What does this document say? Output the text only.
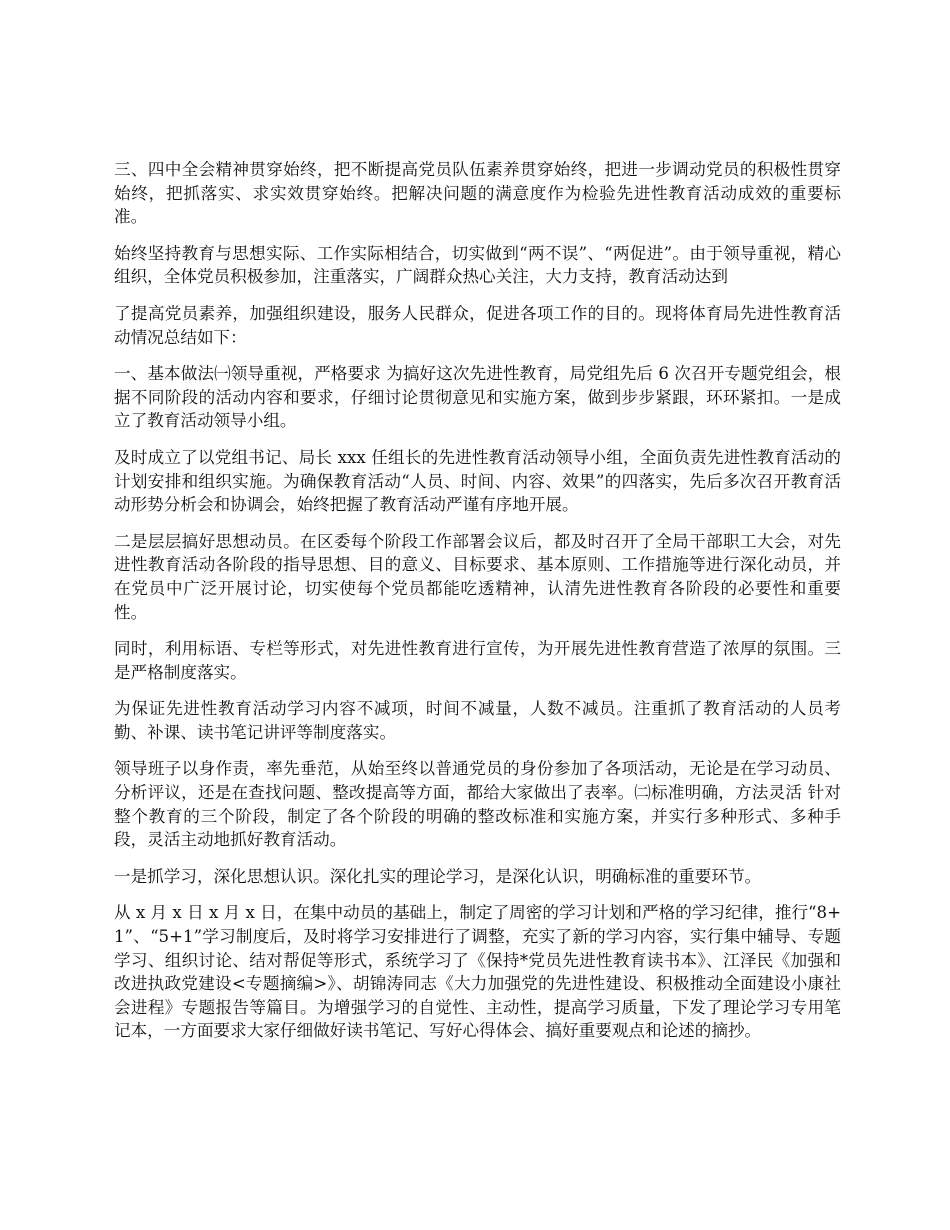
三、四中全会精神贯穿始终，把不断提高党员队伍素养贯穿始终，把进一步调动党员的积极性贯穿始终，把抓落实、求实效贯穿始终。把解决问题的满意度作为检验先进性教育活动成效的重要标准。

始终坚持教育与思想实际、工作实际相结合，切实做到“两不误”、“两促进”。由于领导重视，精心组织，全体党员积极参加，注重落实，广阔群众热心关注，大力支持，教育活动达到

了提高党员素养，加强组织建设，服务人民群众，促进各项工作的目的。现将体育局先进性教育活动情况总结如下：

一、基本做法㈠领导重视，严格要求 为搞好这次先进性教育，局党组先后 6 次召开专题党组会，根据不同阶段的活动内容和要求，仔细讨论贯彻意见和实施方案，做到步步紧跟，环环紧扣。一是成立了教育活动领导小组。

及时成立了以党组书记、局长 xxx 任组长的先进性教育活动领导小组，全面负责先进性教育活动的计划安排和组织实施。为确保教育活动“人员、时间、内容、效果”的四落实，先后多次召开教育活动形势分析会和协调会，始终把握了教育活动严谨有序地开展。

二是层层搞好思想动员。在区委每个阶段工作部署会议后，都及时召开了全局干部职工大会，对先进性教育活动各阶段的指导思想、目的意义、目标要求、基本原则、工作措施等进行深化动员，并在党员中广泛开展讨论，切实使每个党员都能吃透精神，认清先进性教育各阶段的必要性和重要性。

同时，利用标语、专栏等形式，对先进性教育进行宣传，为开展先进性教育营造了浓厚的氛围。三是严格制度落实。

为保证先进性教育活动学习内容不减项，时间不减量，人数不减员。注重抓了教育活动的人员考勤、补课、读书笔记讲评等制度落实。

领导班子以身作责，率先垂范，从始至终以普通党员的身份参加了各项活动，无论是在学习动员、分析评议，还是在查找问题、整改提高等方面，都给大家做出了表率。㈡标准明确，方法灵活 针对整个教育的三个阶段，制定了各个阶段的明确的整改标准和实施方案，并实行多种形式、多种手段，灵活主动地抓好教育活动。

一是抓学习，深化思想认识。深化扎实的理论学习，是深化认识，明确标准的重要环节。

从 x 月 x 日 x 月 x 日，在集中动员的基础上，制定了周密的学习计划和严格的学习纪律，推行“8+1”、“5+1”学习制度后，及时将学习安排进行了调整，充实了新的学习内容，实行集中辅导、专题学习、组织讨论、结对帮促等形式，系统学习了《保持*党员先进性教育读书本》、江泽民《加强和改进执政党建设<专题摘编>》、胡锦涛同志《大力加强党的先进性建设、积极推动全面建设小康社会进程》专题报告等篇目。为增强学习的自觉性、主动性，提高学习质量，下发了理论学习专用笔记本，一方面要求大家仔细做好读书笔记、写好心得体会、搞好重要观点和论述的摘抄。
